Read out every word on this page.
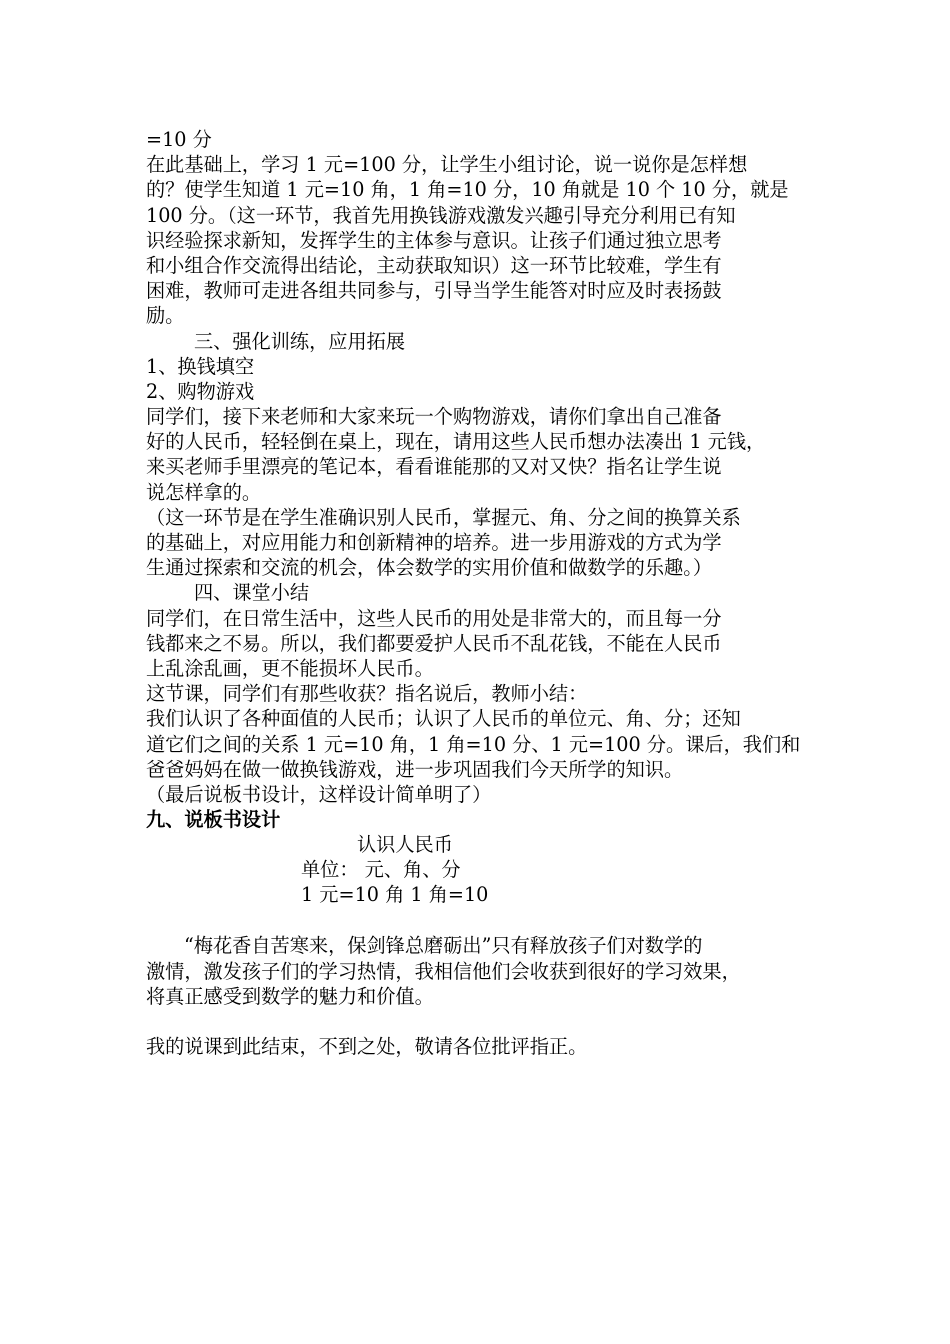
=10 分
在此基础上，学习 1 元=100 分，让学生小组讨论，说一说你是怎样想
的？使学生知道 1 元=10 角，1 角=10 分，10 角就是 10 个 10 分，就是
100 分。（这一环节，我首先用换钱游戏激发兴趣引导充分利用已有知
识经验探求新知，发挥学生的主体参与意识。让孩子们通过独立思考
和小组合作交流得出结论，主动获取知识）这一环节比较难，学生有
困难，教师可走进各组共同参与，引导当学生能答对时应及时表扬鼓
励。
三、强化训练，应用拓展
1、换钱填空
2、购物游戏
同学们，接下来老师和大家来玩一个购物游戏，请你们拿出自己准备
好的人民币，轻轻倒在桌上，现在，请用这些人民币想办法凑出 1 元钱，
来买老师手里漂亮的笔记本，看看谁能那的又对又快？指名让学生说
说怎样拿的。
（这一环节是在学生准确识别人民币，掌握元、角、分之间的换算关系
的基础上，对应用能力和创新精神的培养。进一步用游戏的方式为学
生通过探索和交流的机会，体会数学的实用价值和做数学的乐趣。）
四、课堂小结
同学们，在日常生活中，这些人民币的用处是非常大的，而且每一分
钱都来之不易。所以，我们都要爱护人民币不乱花钱，不能在人民币
上乱涂乱画，更不能损坏人民币。
这节课，同学们有那些收获？指名说后，教师小结：
我们认识了各种面值的人民币；认识了人民币的单位元、角、分；还知
道它们之间的关系 1 元=10 角，1 角=10 分、1 元=100 分。课后，我们和
爸爸妈妈在做一做换钱游戏，进一步巩固我们今天所学的知识。
（最后说板书设计，这样设计简单明了）
九、说板书设计
认识人民币
单位： 元、角、分
1 元=10 角 1 角=10
“梅花香自苦寒来，保剑锋总磨砺出”只有释放孩子们对数学的
激情，激发孩子们的学习热情，我相信他们会收获到很好的学习效果，
将真正感受到数学的魅力和价值。
我的说课到此结束，不到之处，敬请各位批评指正。
